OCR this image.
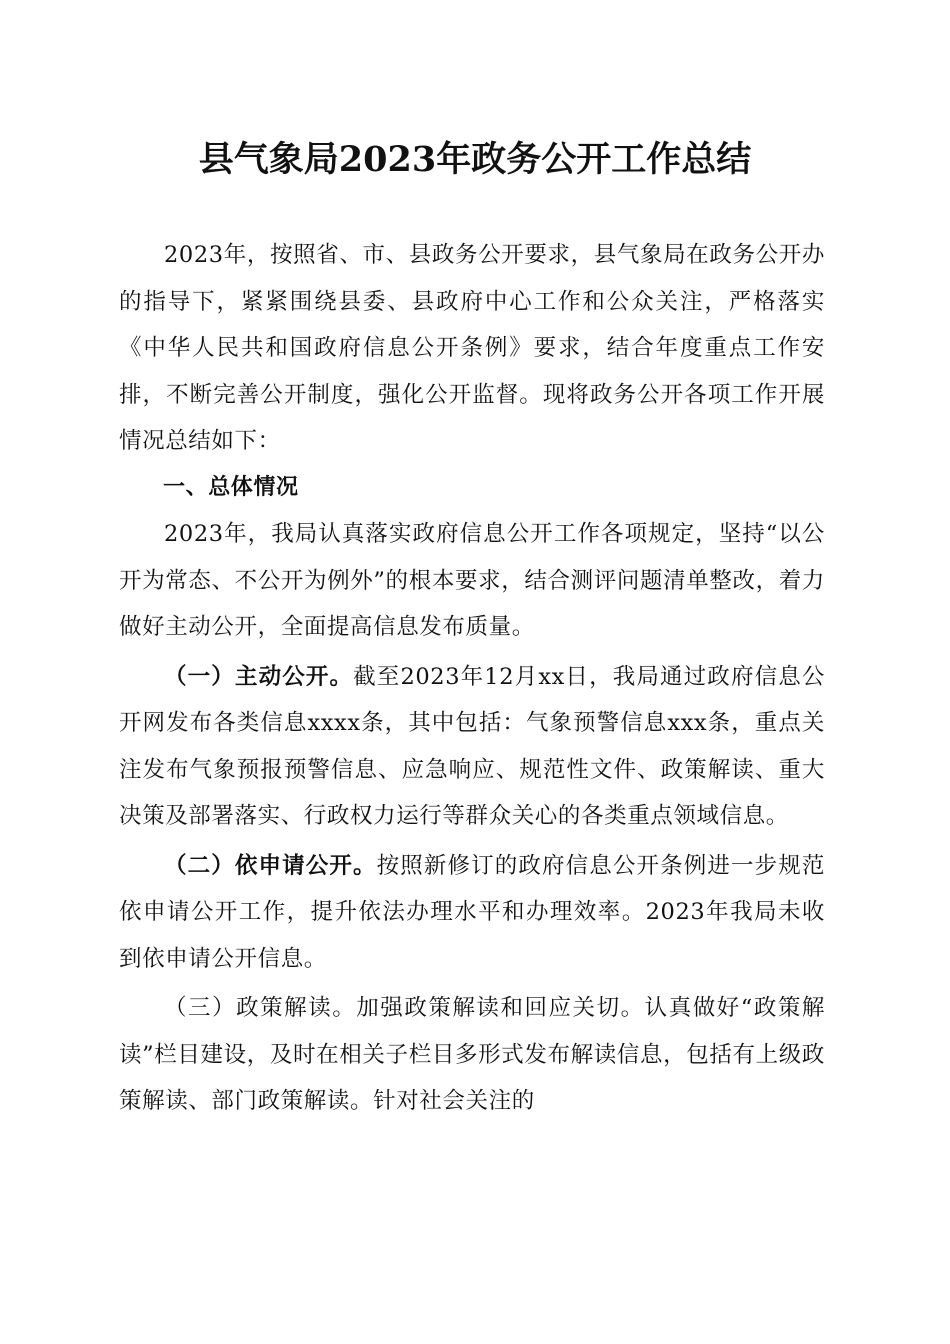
县气象局2023年政务公开工作总结

2023年，按照省、市、县政务公开要求，县气象局在政务公开办的指导下，紧紧围绕县委、县政府中心工作和公众关注，严格落实《中华人民共和国政府信息公开条例》要求，结合年度重点工作安排，不断完善公开制度，强化公开监督。现将政务公开各项工作开展情况总结如下：

一、总体情况

2023年，我局认真落实政府信息公开工作各项规定，坚持“以公开为常态、不公开为例外”的根本要求，结合测评问题清单整改，着力做好主动公开，全面提高信息发布质量。

（一）主动公开。截至2023年12月xx日，我局通过政府信息公开网发布各类信息xxxx条，其中包括：气象预警信息xxx条，重点关注发布气象预报预警信息、应急响应、规范性文件、政策解读、重大决策及部署落实、行政权力运行等群众关心的各类重点领域信息。

（二）依申请公开。按照新修订的政府信息公开条例进一步规范依申请公开工作，提升依法办理水平和办理效率。2023年我局未收到依申请公开信息。

（三）政策解读。加强政策解读和回应关切。认真做好“政策解读”栏目建设，及时在相关子栏目多形式发布解读信息，包括有上级政策解读、部门政策解读。针对社会关注的
